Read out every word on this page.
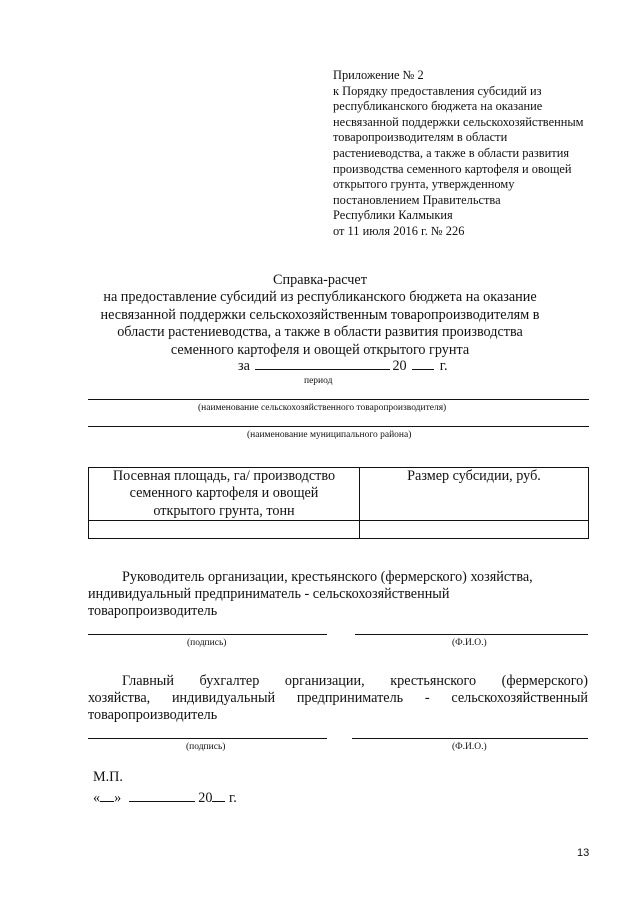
Приложение № 2
к Порядку предоставления субсидий из
республиканского бюджета на оказание
несвязанной поддержки сельскохозяйственным
товаропроизводителям в области
растениеводства, а также в области развития
производства семенного картофеля и овощей
открытого грунта, утвержденному
постановлением Правительства
Республики Калмыкия
от 11 июля 2016 г. № 226
Справка-расчет
на предоставление субсидий из республиканского бюджета на оказание
несвязанной поддержки сельскохозяйственным товаропроизводителям в
области растениеводства, а также в области развития производства
семенного картофеля и овощей открытого грунта
за	20 г.
период
(наименование сельскохозяйственного товаропроизводителя)
(наименование муниципального района)
Посевная площадь, га/ производство
семенного картофеля и овощей
открытого грунта, тонн	Размер субсидии, руб.

Руководитель организации, крестьянского (фермерского) хозяйства,
индивидуальный предприниматель - сельскохозяйственный
товаропроизводитель
(подпись)	(Ф.И.О.)
Главный бухгалтер организации, крестьянского (фермерского)
хозяйства, индивидуальный предприниматель - сельскохозяйственный
товаропроизводитель
(подпись)	(Ф.И.О.)
М.П.
« »	20 г.
13
